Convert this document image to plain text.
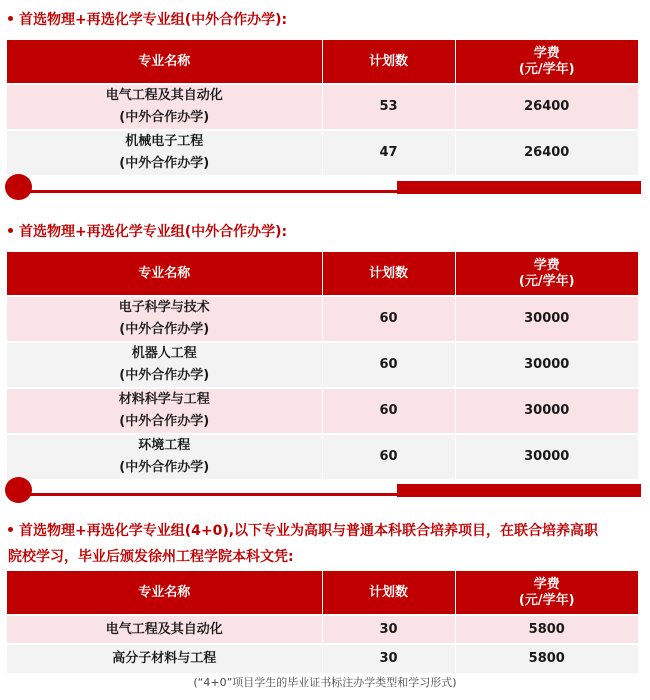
首选物理+再选化学专业组(中外合作办学):
专业名称	计划数	学费
(元/学年)

电气工程及其自动化
(中外合作办学)	53	26400

机械电子工程
(中外合作办学)	47	26400
首选物理+再选化学专业组(中外合作办学):
专业名称	计划数	学费
(元/学年)

电子科学与技术
(中外合作办学)	60	30000

机器人工程
(中外合作办学)	60	30000

材料科学与工程
(中外合作办学)	60	30000

环境工程
(中外合作办学)	60	30000
首选物理+再选化学专业组(4+0),以下专业为高职与普通本科联合培养项目，在联合培养高职
院校学习，毕业后颁发徐州工程学院本科文凭:
专业名称	计划数	学费
(元/学年)

电气工程及其自动化	30	5800
高分子材料与工程	30	5800
(“4+0”项目学生的毕业证书标注办学类型和学习形式)
